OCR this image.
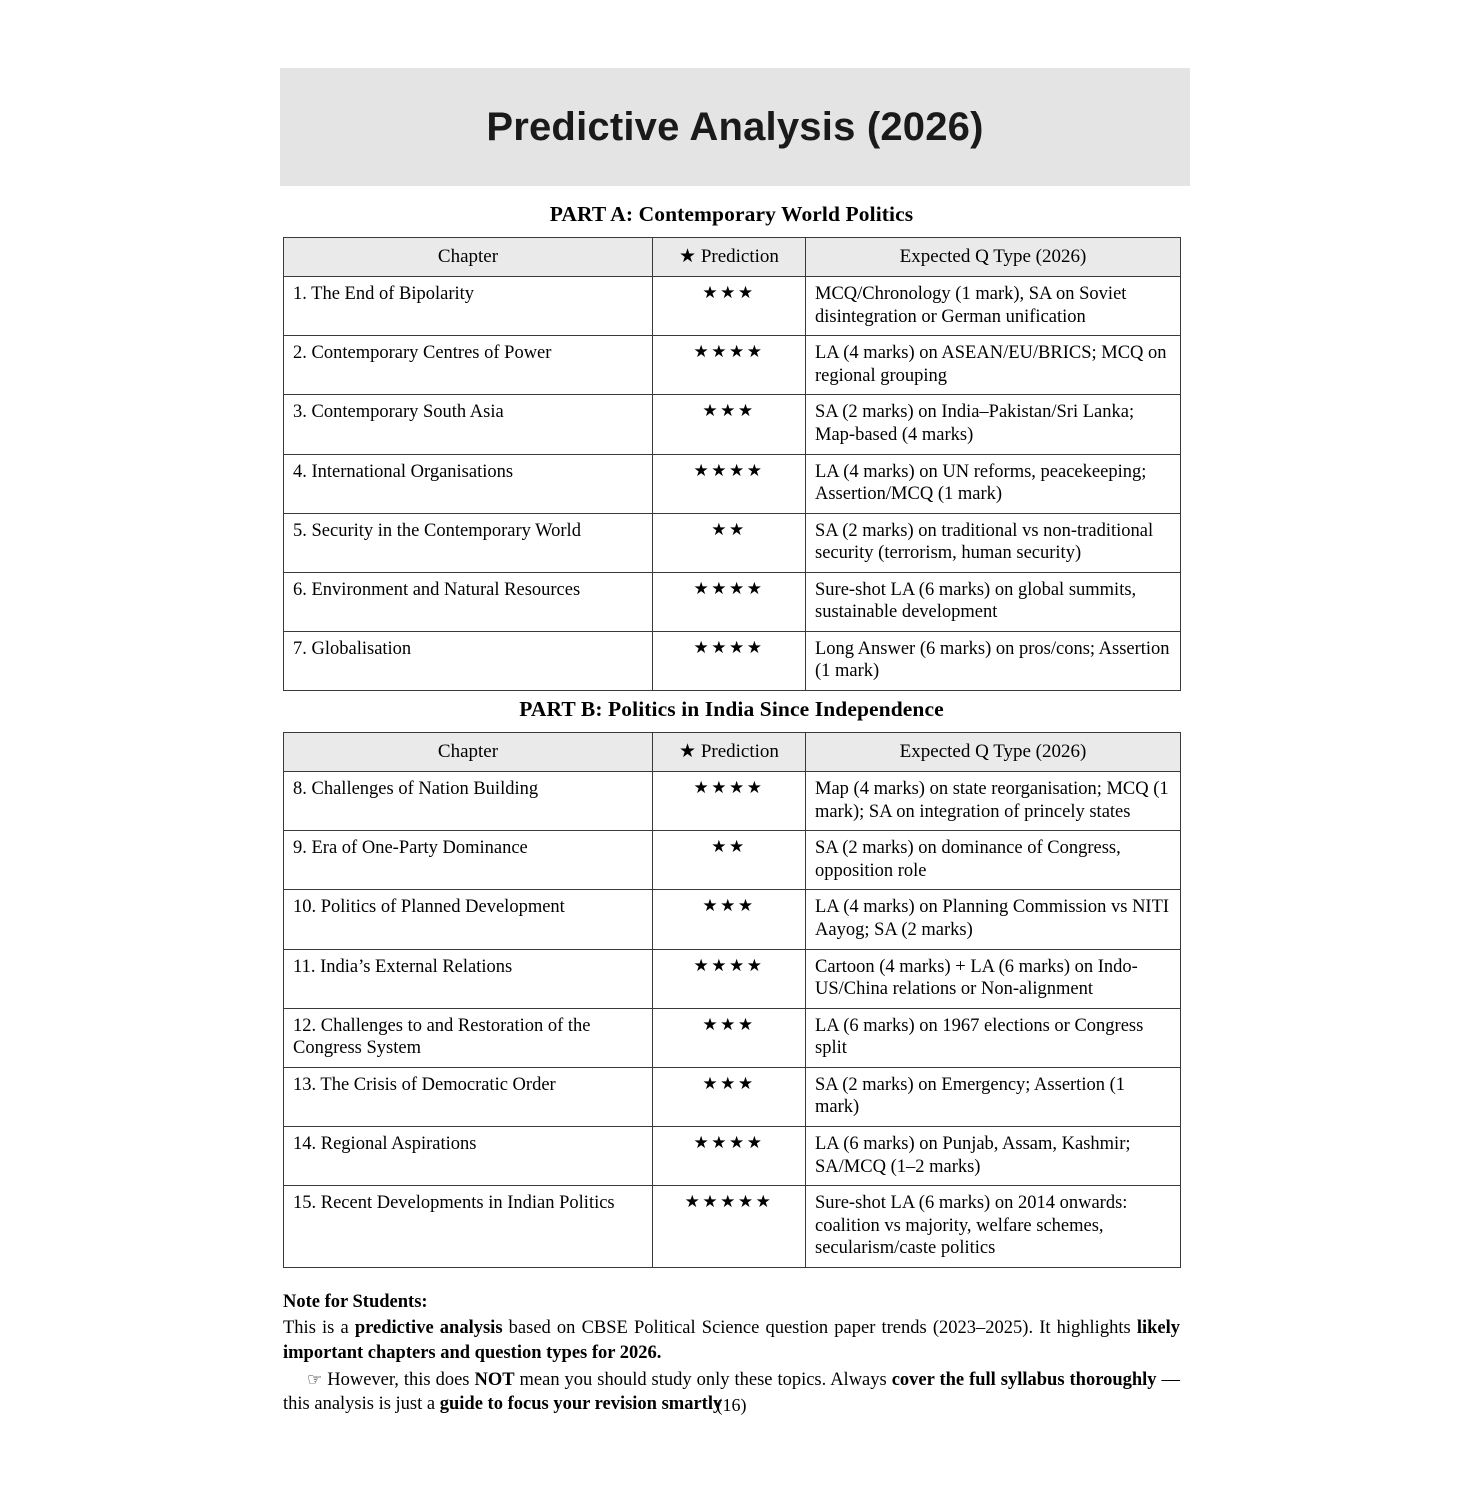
Predictive Analysis (2026)
PART A: Contemporary World Politics
Chapter	★ Prediction	Expected Q Type (2026)
1. The End of Bipolarity	★★★	MCQ/Chronology (1 mark), SA on Soviet disintegration or German unification
2. Contemporary Centres of Power	★★★★	LA (4 marks) on ASEAN/EU/BRICS; MCQ on regional grouping
3. Contemporary South Asia	★★★	SA (2 marks) on India–Pakistan/Sri Lanka; Map-based (4 marks)
4. International Organisations	★★★★	LA (4 marks) on UN reforms, peacekeeping; Assertion/MCQ (1 mark)
5. Security in the Contemporary World	★★	SA (2 marks) on traditional vs non-traditional security (terrorism, human security)
6. Environment and Natural Resources	★★★★	Sure-shot LA (6 marks) on global summits, sustainable development
7. Globalisation	★★★★	Long Answer (6 marks) on pros/cons; Assertion (1 mark)
PART B: Politics in India Since Independence
Chapter	★ Prediction	Expected Q Type (2026)
8. Challenges of Nation Building	★★★★	Map (4 marks) on state reorganisation; MCQ (1 mark); SA on integration of princely states
9. Era of One-Party Dominance	★★	SA (2 marks) on dominance of Congress, opposition role
10. Politics of Planned Development	★★★	LA (4 marks) on Planning Commission vs NITI Aayog; SA (2 marks)
11. India’s External Relations	★★★★	Cartoon (4 marks) + LA (6 marks) on Indo-US/China relations or Non-alignment
12. Challenges to and Restoration of the Congress System	★★★	LA (6 marks) on 1967 elections or Congress split
13. The Crisis of Democratic Order	★★★	SA (2 marks) on Emergency; Assertion (1 mark)
14. Regional Aspirations	★★★★	LA (6 marks) on Punjab, Assam, Kashmir; SA/MCQ (1–2 marks)
15. Recent Developments in Indian Politics	★★★★★	Sure-shot LA (6 marks) on 2014 onwards: coalition vs majority, welfare schemes, secularism/caste politics

Note for Students:

This is a predictive analysis based on CBSE Political Science question paper trends (2023–2025). It highlights likely important chapters and question types for 2026.

☞ However, this does NOT mean you should study only these topics. Always cover the full syllabus thoroughly — this analysis is just a guide to focus your revision smartly

(16)
